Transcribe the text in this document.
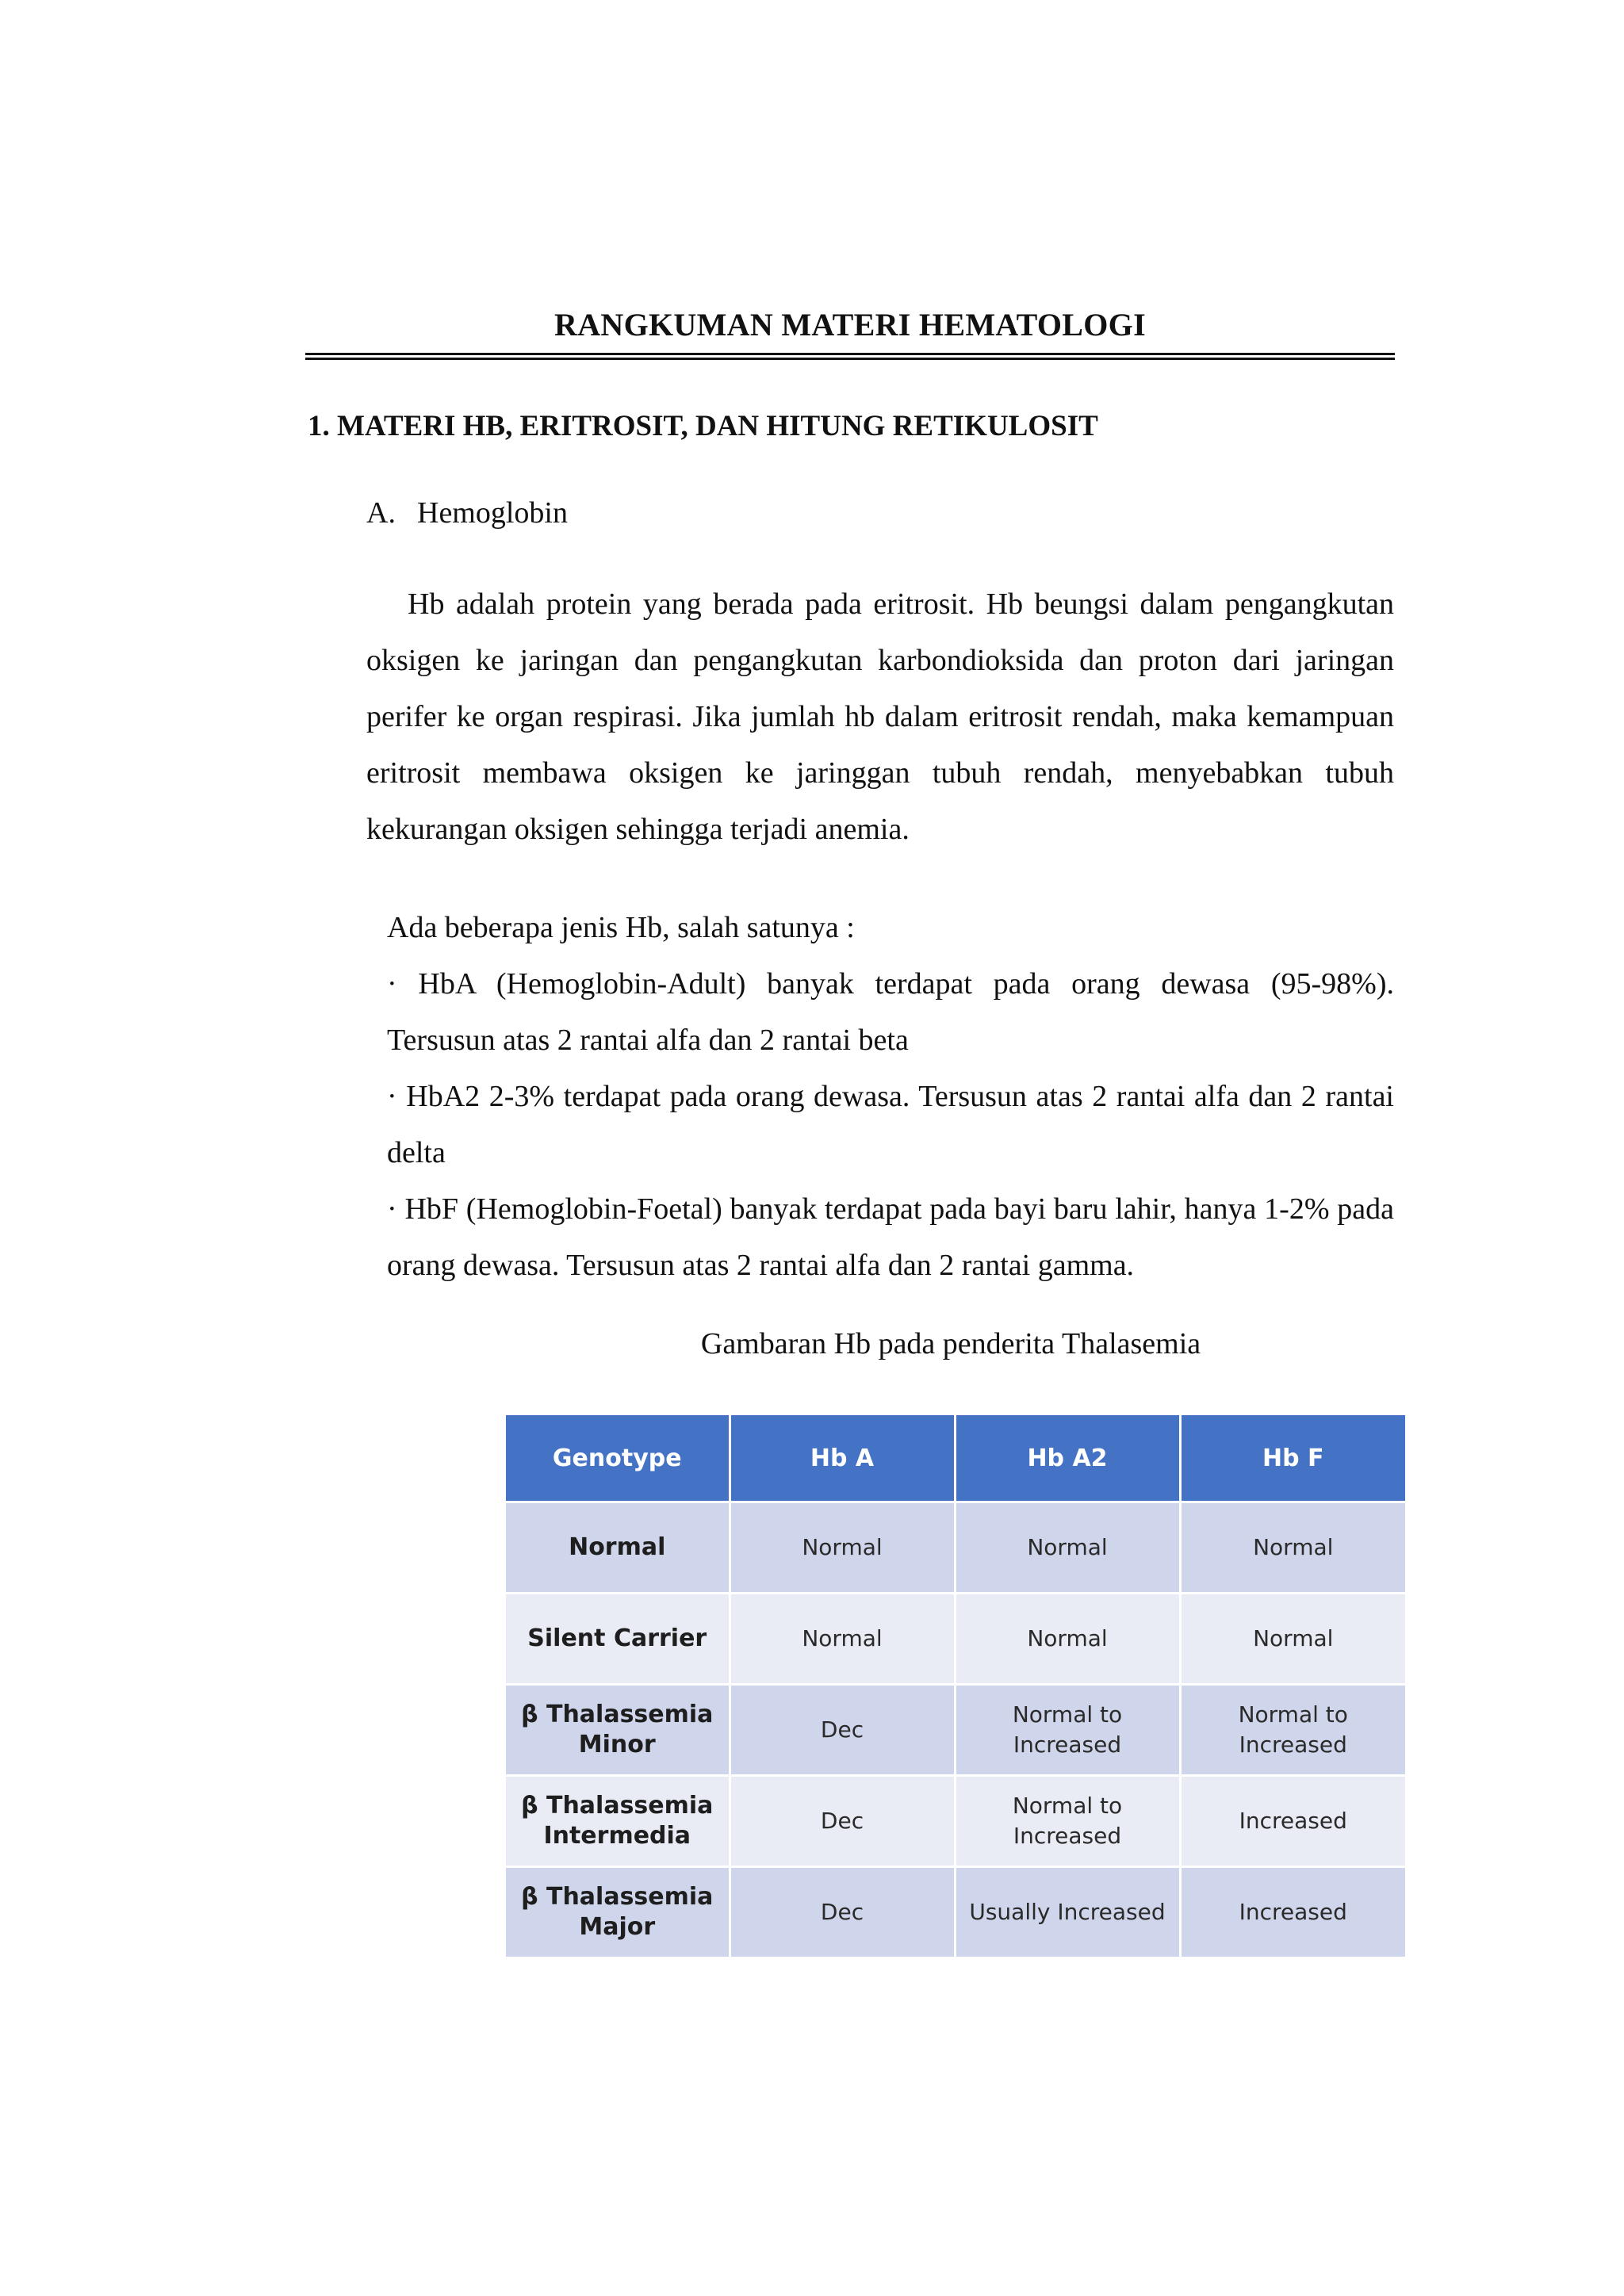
RANGKUMAN MATERI HEMATOLOGI
1. MATERI HB, ERITROSIT, DAN HITUNG RETIKULOSIT
A. Hemoglobin

Hb adalah protein yang berada pada eritrosit. Hb beungsi dalam pengangkutan oksigen ke jaringan dan pengangkutan karbondioksida dan proton dari jaringan perifer ke organ respirasi. Jika jumlah hb dalam eritrosit rendah, maka kemampuan eritrosit membawa oksigen ke jaringgan tubuh rendah, menyebabkan tubuh kekurangan oksigen sehingga terjadi anemia.

Ada beberapa jenis Hb, salah satunya :

· HbA (Hemoglobin-Adult) banyak terdapat pada orang dewasa (95-98%). Tersusun atas 2 rantai alfa dan 2 rantai beta

· HbA2 2-3% terdapat pada orang dewasa. Tersusun atas 2 rantai alfa dan 2 rantai delta

· HbF (Hemoglobin-Foetal) banyak terdapat pada bayi baru lahir, hanya 1-2% pada orang dewasa. Tersusun atas 2 rantai alfa dan 2 rantai gamma.

Gambaran Hb pada penderita Thalasemia
Genotype	Hb A	Hb A2	Hb F
Normal	Normal	Normal	Normal
Silent Carrier	Normal	Normal	Normal
β Thalassemia Minor	Dec	Normal to Increased	Normal to Increased
β Thalassemia Intermedia	Dec	Normal to Increased	Increased
β Thalassemia Major	Dec	Usually Increased	Increased
